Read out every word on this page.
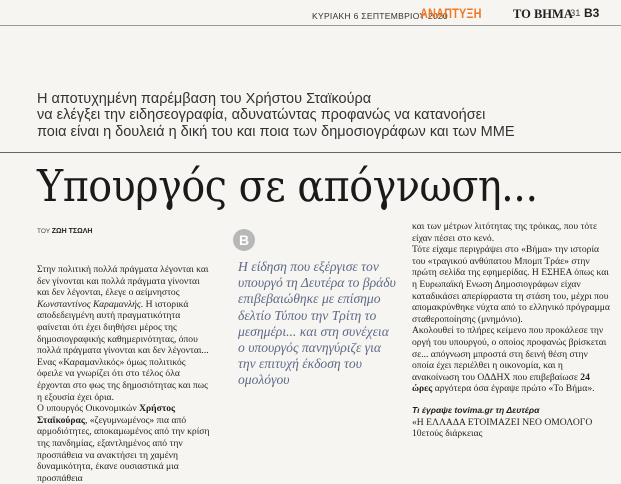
ΚΥΡΙΑΚΗ 6 ΣΕΠΤΕΜΒΡΙΟΥ 2020
ΑΝΑΠΤΥΞΗ	ΤΟ ΒΗΜΑ
31 B3
Η αποτυχημένη παρέμβαση του Χρήστου Σταϊκούρα
να ελέγξει την ειδησεογραφία, αδυνατώντας προφανώς να κατανοήσει
ποια είναι η δουλειά η δική του και ποια των δημοσιογράφων και των ΜΜΕ
Υπουργός σε απόγνωση...
ΤΟΥ ΖΩΗ ΤΣΩΛΗ

Στην πολιτική πολλά πράγματα λέγονται και δεν γίνονται και πολλά πράγματα γίνονται και δεν λέγονται, έλεγε ο αείμνηστος Κωνσταντίνος Καραμανλής. Η ιστορικά αποδεδειγμένη αυτή πραγματικότητα φαίνεται ότι έχει διηθήσει μέρος της δημοσιογραφικής καθημερινότητας, όπου πολλά πράγματα γίνονται και δεν λέγονται...

Ενας «Καραμανλικός» όμως πολιτικός όφειλε να γνωρίζει ότι στο τέλος όλα έρχονται στο φως της δημοσιότητας και πως η εξουσία έχει όρια.

Ο υπουργός Οικονομικών Χρήστος Σταϊκούρας, «ζεγυμνωμένος» πια από αρμοδιότητες, αποκαμωμένος από την κρίση της πανδημίας, εξαντλημένος από την προσπάθεια να ανακτήσει τη χαμένη δυναμικότητα, έκανε ουσιαστικά μια προσπάθεια

B
Η είδηση που εξέργισε τον υπουργό τη Δευτέρα το βράδυ επιβεβαιώθηκε με επίσημο δελτίο Τύπου την Τρίτη το μεσημέρι... και στη συνέχεια ο υπουργός πανηγύριζε για την επιτυχή έκδοση του ομολόγου

και των μέτρων λιτότητας της τρόικας, που τότε είχαν πέσει στο κενό.

Τότε είχαμε περιγράψει στο «Βήμα» την ιστορία του «τραγικού ανθύπατου Μπομπ Τράε» στην πρώτη σελίδα της εφημερίδας. Η ΕΣΗΕΑ όπως και η Ευρωπαϊκή Ενωση Δημοσιογράφων είχαν καταδικάσει απερίφραστα τη στάση του, μέχρι που απομακρύνθηκε νύχτα από το ελληνικό πρόγραμμα σταθεροποίησης (μνημόνιο).

Ακολουθεί το πλήρες κείμενο που προκάλεσε την οργή του υπουργού, ο οποίος προφανώς βρίσκεται σε... απόγνωση μπροστά στη δεινή θέση στην οποία έχει περιέλθει η οικονομία, και η ανακοίνωση του ΟΔΔΗΧ που επιβεβαίωσε 24 ώρες αργότερα όσα έγραψε πρώτο «Το Βήμα».

Τι έγραψε tovima.gr τη Δευτέρα

«Η ΕΛΛΑΔΑ ΕΤΟΙΜΑΖΕΙ ΝΕΟ ΟΜΟΛΟΓΟ 10ετούς διάρκειας
